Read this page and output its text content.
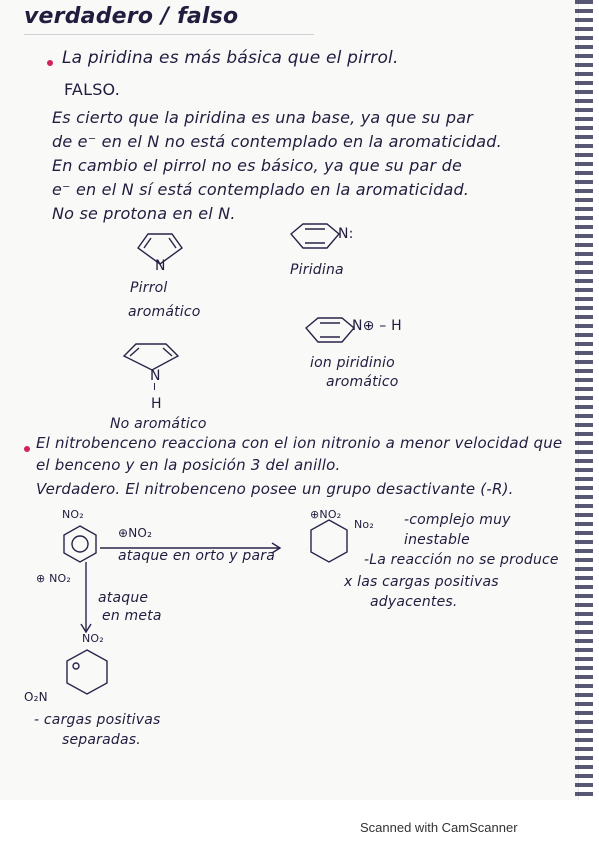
verdadero / falso
La piridina es más básica que el pirrol.
FALSO.
Es cierto que la piridina es una base, ya que su par
de e⁻ en el N no está contemplado en la aromaticidad.
En cambio el pirrol no es básico, ya que su par de
e⁻ en el N sí está contemplado en la aromaticidad.
No se protona en el N.
N
Pirrol
aromático
N:
Piridina
N
I
H
No aromático
N⊕ – H
ion piridinio
aromático
El nitrobenceno reacciona con el ion nitronio a menor velocidad que
el benceno y en la posición 3 del anillo.
Verdadero. El nitrobenceno posee un grupo desactivante (-R).
NO₂
⊕NO₂
ataque en orto y para
⊕ NO₂
ataque
en meta
NO₂
O₂N
- cargas positivas
separadas.
⊕NO₂
No₂ -complejo muy
inestable
-La reacción no se produce
x las cargas positivas
adyacentes.
Scanned with CamScanner
